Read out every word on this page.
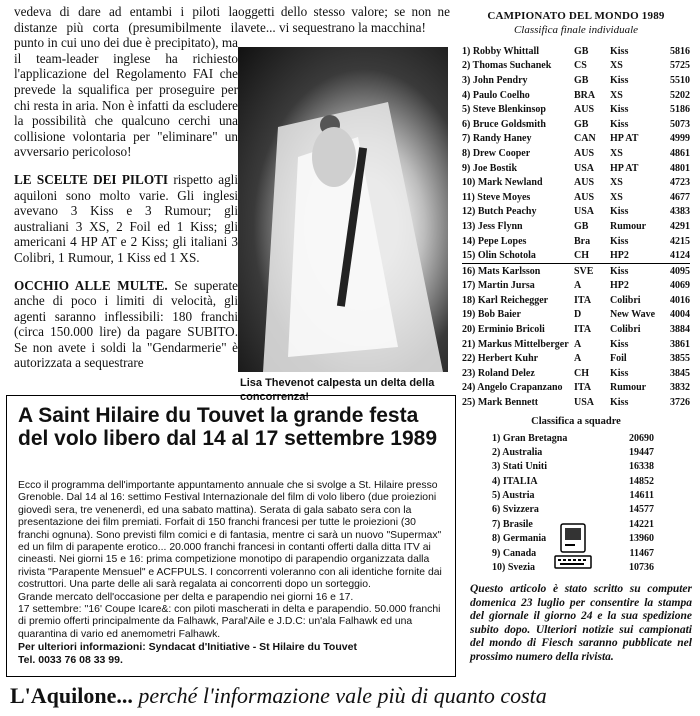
vedeva di dare ad entambi i piloti la distanze più corta (presumibilmente il punto in cui uno dei due è precipitato), ma il team-leader inglese ha richiesto l'applicazione del Regolamento FAI che prevede la squalifica per proseguire per chi resta in aria. Non è infatti da escludere la possibilità che qualcuno cerchi una collisione volontaria per "eliminare" un avversario pericoloso!

LE SCELTE DEI PILOTI rispetto agli aquiloni sono molto varie. Gli inglesi avevano 3 Kiss e 3 Rumour; gli australiani 3 XS, 2 Foil ed 1 Kiss; gli americani 4 HP AT e 2 Kiss; gli italiani 3 Colibri, 1 Rumour, 1 Kiss ed 1 XS.

OCCHIO ALLE MULTE. Se superate anche di poco i limiti di velocità, gli agenti saranno inflessibili: 180 franchi (circa 150.000 lire) da pagare SUBITO. Se non avete i soldi la "Gendarmerie" è autorizzata a sequestrare

oggetti dello stesso valore; se non ne avete... vi sequestrano la macchina!

Lisa Thevenot calpesta un delta della concorrenza!
CAMPIONATO DEL MONDO 1989
Classifica finale individuale
1) Robby Whittall	GB	Kiss	5816
2) Thomas Suchanek	CS	XS	5725
3) John Pendry	GB	Kiss	5510
4) Paulo Coelho	BRA	XS	5202
5) Steve Blenkinsop	AUS	Kiss	5186
6) Bruce Goldsmith	GB	Kiss	5073
7) Randy Haney	CAN	HP AT	4999
8) Drew Cooper	AUS	XS	4861
9) Joe Bostik	USA	HP AT	4801
10) Mark Newland	AUS	XS	4723
11) Steve Moyes	AUS	XS	4677
12) Butch Peachy	USA	Kiss	4383
13) Jess Flynn	GB	Rumour	4291
14) Pepe Lopes	Bra	Kiss	4215
15) Olin Schotola	CH	HP2	4124
16) Mats Karlsson	SVE	Kiss	4095
17) Martin Jursa	A	HP2	4069
18) Karl Reichegger	ITA	Colibri	4016
19) Bob Baier	D	New Wave	4004
20) Erminio Bricoli	ITA	Colibri	3884
21) Markus Mittelberger	A	Kiss	3861
22) Herbert Kuhr	A	Foil	3855
23) Roland Delez	CH	Kiss	3845
24) Angelo Crapanzano	ITA	Rumour	3832
25) Mark Bennett	USA	Kiss	3726
Classifica a squadre
1) Gran Bretagna	20690
2) Australia	19447
3) Stati Uniti	16338
4) ITALIA	14852
5) Austria	14611
6) Svizzera	14577
7) Brasile	14221
8) Germania	13960
9) Canada	11467
10) Svezia	10736
Questo articolo è stato scritto su computer domenica 23 luglio per consentire la stampa del giornale il giorno 24 e la sua spedizione subito dopo. Ulteriori notizie sui campionati del mondo di Fiesch saranno pubblicate nel prossimo numero della rivista.
A Saint Hilaire du Touvet la grande festa del volo libero dal 14 al 17 settembre 1989

Ecco il programma dell'importante appuntamento annuale che si svolge a St. Hilaire presso Grenoble. Dal 14 al 16: settimo Festival Internazionale del film di volo libero (due proiezioni giovedì sera, tre venenerdì, ed una sabato mattina). Serata di gala sabato sera con la presentazione dei film premiati. Forfait di 150 franchi francesi per tutte le proiezioni (30 franchi ognuna). Sono previsti film comici e di fantasia, mentre ci sarà un nuovo "Supermax" ed un film di parapente erotico... 20.000 franchi francesi in contanti offerti dalla ditta ITV ai cineasti. Nei giorni 15 e 16: prima competizione monotipo di parapendio organizzata dalla rivista "Parapente Mensuel" e ACFPULS. I concorrenti voleranno con ali identiche fornite dai costruttori. Una parte delle ali sarà regalata ai concorrenti dopo un sorteggio.

Grande mercato dell'occasione per delta e parapendio nei giorni 16 e 17.

17 settembre: ''16' Coupe Icare&: con piloti mascherati in delta e parapendio. 50.000 franchi di premio offerti principalmente da Falhawk, Paral'Aile e J.D.C: un'ala Falhawk ed una quarantina di vario ed anemometri Falhawk.

Per ulteriori informazioni: Syndacat d'Initiative - St Hilaire du Touvet
Tel. 0033 76 08 33 99.
L'Aquilone... perché l'informazione vale più di quanto costa
